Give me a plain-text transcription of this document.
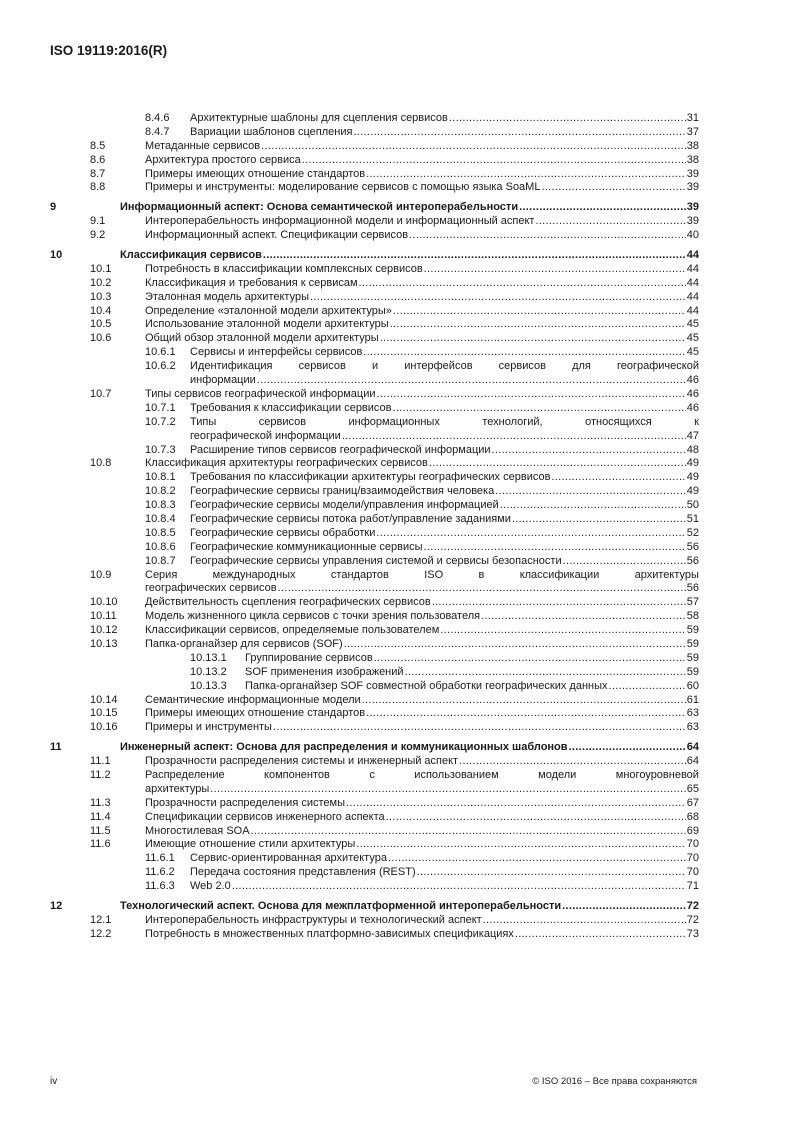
ISO 19119:2016(R)
8.4.6 Архитектурные шаблоны для сцепления сервисов .....	31
8.4.7 Вариации шаблонов сцепления .....	37
8.5	Метаданные сервисов .....	38
8.6	Архитектура простого сервиса .....	38
8.7	Примеры имеющих отношение стандартов .....	39
8.8	Примеры и инструменты: моделирование сервисов с помощью языка SoaML .....	39
9	Информационный аспект: Основа семантической интероперабельности .....	39
9.1	Интероперабельность информационной модели и информационный аспект .....	39
9.2	Информационный аспект. Спецификации сервисов .....	40
10	Классификация сервисов .....	44
10.1	Потребность в классификации комплексных сервисов .....	44
10.2	Классификация и требования к сервисам .....	44
10.3	Эталонная модель архитектуры .....	44
10.4	Определение «эталонной модели архитектуры» .....	44
10.5	Использование эталонной модели архитектуры .....	45
10.6	Общий обзор эталонной модели архитектуры .....	45
10.6.1 Сервисы и интерфейсы сервисов .....	45
10.6.2 Идентификация сервисов и интерфейсов сервисов для географической
информации .....	46
10.7	Типы сервисов географической информации .....	46
10.7.1 Требования к классификации сервисов .....	46
10.7.2 Типы	сервисов	информационных	технологий,	относящихся	к
географической информации .....	47
10.7.3 Расширение типов сервисов географической информации .....	48
10.8	Классификация архитектуры географических сервисов .....	49
10.8.1 Требования по классификации архитектуры географических сервисов .....	49
10.8.2 Географические сервисы границ/взаимодействия человека .....	49
10.8.3 Географические сервисы модели/управления информацией .....	50
10.8.4 Географические сервисы потока работ/управление заданиями .....	51
10.8.5 Географические сервисы обработки .....	52
10.8.6 Географические коммуникационные сервисы .....	56
10.8.7 Географические сервисы управления системой и сервисы безопасности .....	56
10.9	Серия	международных	стандартов	ISO	в	классификации	архитектуры
географических сервисов .....	56
10.10 Действительность сцепления географических сервисов .....	57
10.11	Модель жизненного цикла сервисов с точки зрения пользователя .....	58
10.12 Классификации сервисов, определяемые пользователем .....	59
10.13 Папка-органайзер для сервисов (SOF) .....	59
10.13.1 Группирование сервисов .....	59
10.13.2 SOF применения изображений .....	59
10.13.3 Папка-органайзер SOF совместной обработки географических данных .....	60
10.14 Семантические информационные модели .....	61
10.15 Примеры имеющих отношение стандартов .....	63
10.16 Примеры и инструменты .....	63
11	Инженерный аспект: Основа для распределения и коммуникационных шаблонов .....	64
11.1	Прозрачности распределения системы и инженерный аспект .....	64
11.2	Распределение	компонентов	с	использованием	модели	многоуровневой
архитектуры .....	65
11.3	Прозрачности распределения системы .....	67
11.4	Спецификации сервисов инженерного аспекта .....	68
11.5	Многостилевая SOA .....	69
11.6	Имеющие отношение стили архитектуры .....	70
11.6.1 Сервис-ориентированная архитектура .....	70
11.6.2 Передача состояния представления (REST) .....	70
11.6.3 Web 2.0 .....	71
12	Технологический аспект. Основа для межплатформенной интероперабельности .....	72
12.1	Интероперабельность инфраструктуры и технологический аспект .....	72
12.2	Потребность в множественных платформно-зависимых спецификациях .....	73
iv	© ISO 2016 – Все права сохраняются
